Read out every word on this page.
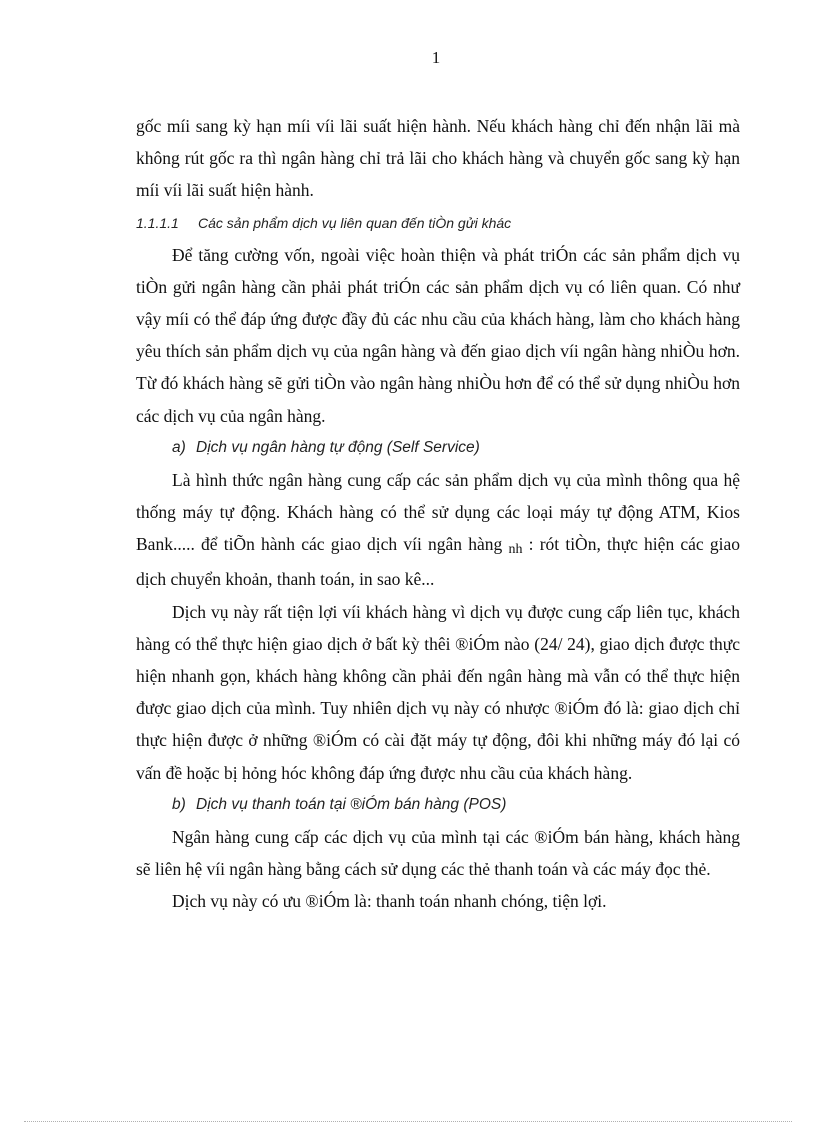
1

gốc míi sang kỳ hạn míi víi lãi suất hiện hành. Nếu khách hàng chỉ đến nhận lãi mà không rút gốc ra thì ngân hàng chỉ trả lãi cho khách hàng và chuyển gốc sang kỳ hạn míi víi lãi suất hiện hành.

1.1.1.1 Các sản phẩm dịch vụ liên quan đến tiÒn gửi khác

Để tăng cường vốn, ngoài việc hoàn thiện và phát triÓn các sản phẩm dịch vụ tiÒn gửi ngân hàng cần phải phát triÓn các sản phẩm dịch vụ có liên quan. Có như vậy míi có thể đáp ứng được đầy đủ các nhu cầu của khách hàng, làm cho khách hàng yêu thích sản phẩm dịch vụ của ngân hàng và đến giao dịch víi ngân hàng nhiÒu hơn. Từ đó khách hàng sẽ gửi tiÒn vào ngân hàng nhiÒu hơn để có thể sử dụng nhiÒu hơn các dịch vụ của ngân hàng.

a) Dịch vụ ngân hàng tự động (Self Service)

Là hình thức ngân hàng cung cấp các sản phẩm dịch vụ của mình thông qua hệ thống máy tự động. Khách hàng có thể sử dụng các loại máy tự động ATM, Kios Bank..... để tiÕn hành các giao dịch víi ngân hàng nh : rót tiÒn, thực hiện các giao dịch chuyển khoản, thanh toán, in sao kê...

Dịch vụ này rất tiện lợi víi khách hàng vì dịch vụ được cung cấp liên tục, khách hàng có thể thực hiện giao dịch ở bất kỳ thêi ®iÓm nào (24/ 24), giao dịch được thực hiện nhanh gọn, khách hàng không cần phải đến ngân hàng mà vẫn có thể thực hiện được giao dịch của mình. Tuy nhiên dịch vụ này có nhược ®iÓm đó là: giao dịch chỉ thực hiện được ở những ®iÓm có cài đặt máy tự động, đôi khi những máy đó lại có vấn đề hoặc bị hỏng hóc không đáp ứng được nhu cầu của khách hàng.

b) Dịch vụ thanh toán tại ®iÓm bán hàng (POS)

Ngân hàng cung cấp các dịch vụ của mình tại các ®iÓm bán hàng, khách hàng sẽ liên hệ víi ngân hàng bằng cách sử dụng các thẻ thanh toán và các máy đọc thẻ.

Dịch vụ này có ưu ®iÓm là: thanh toán nhanh chóng, tiện lợi.
